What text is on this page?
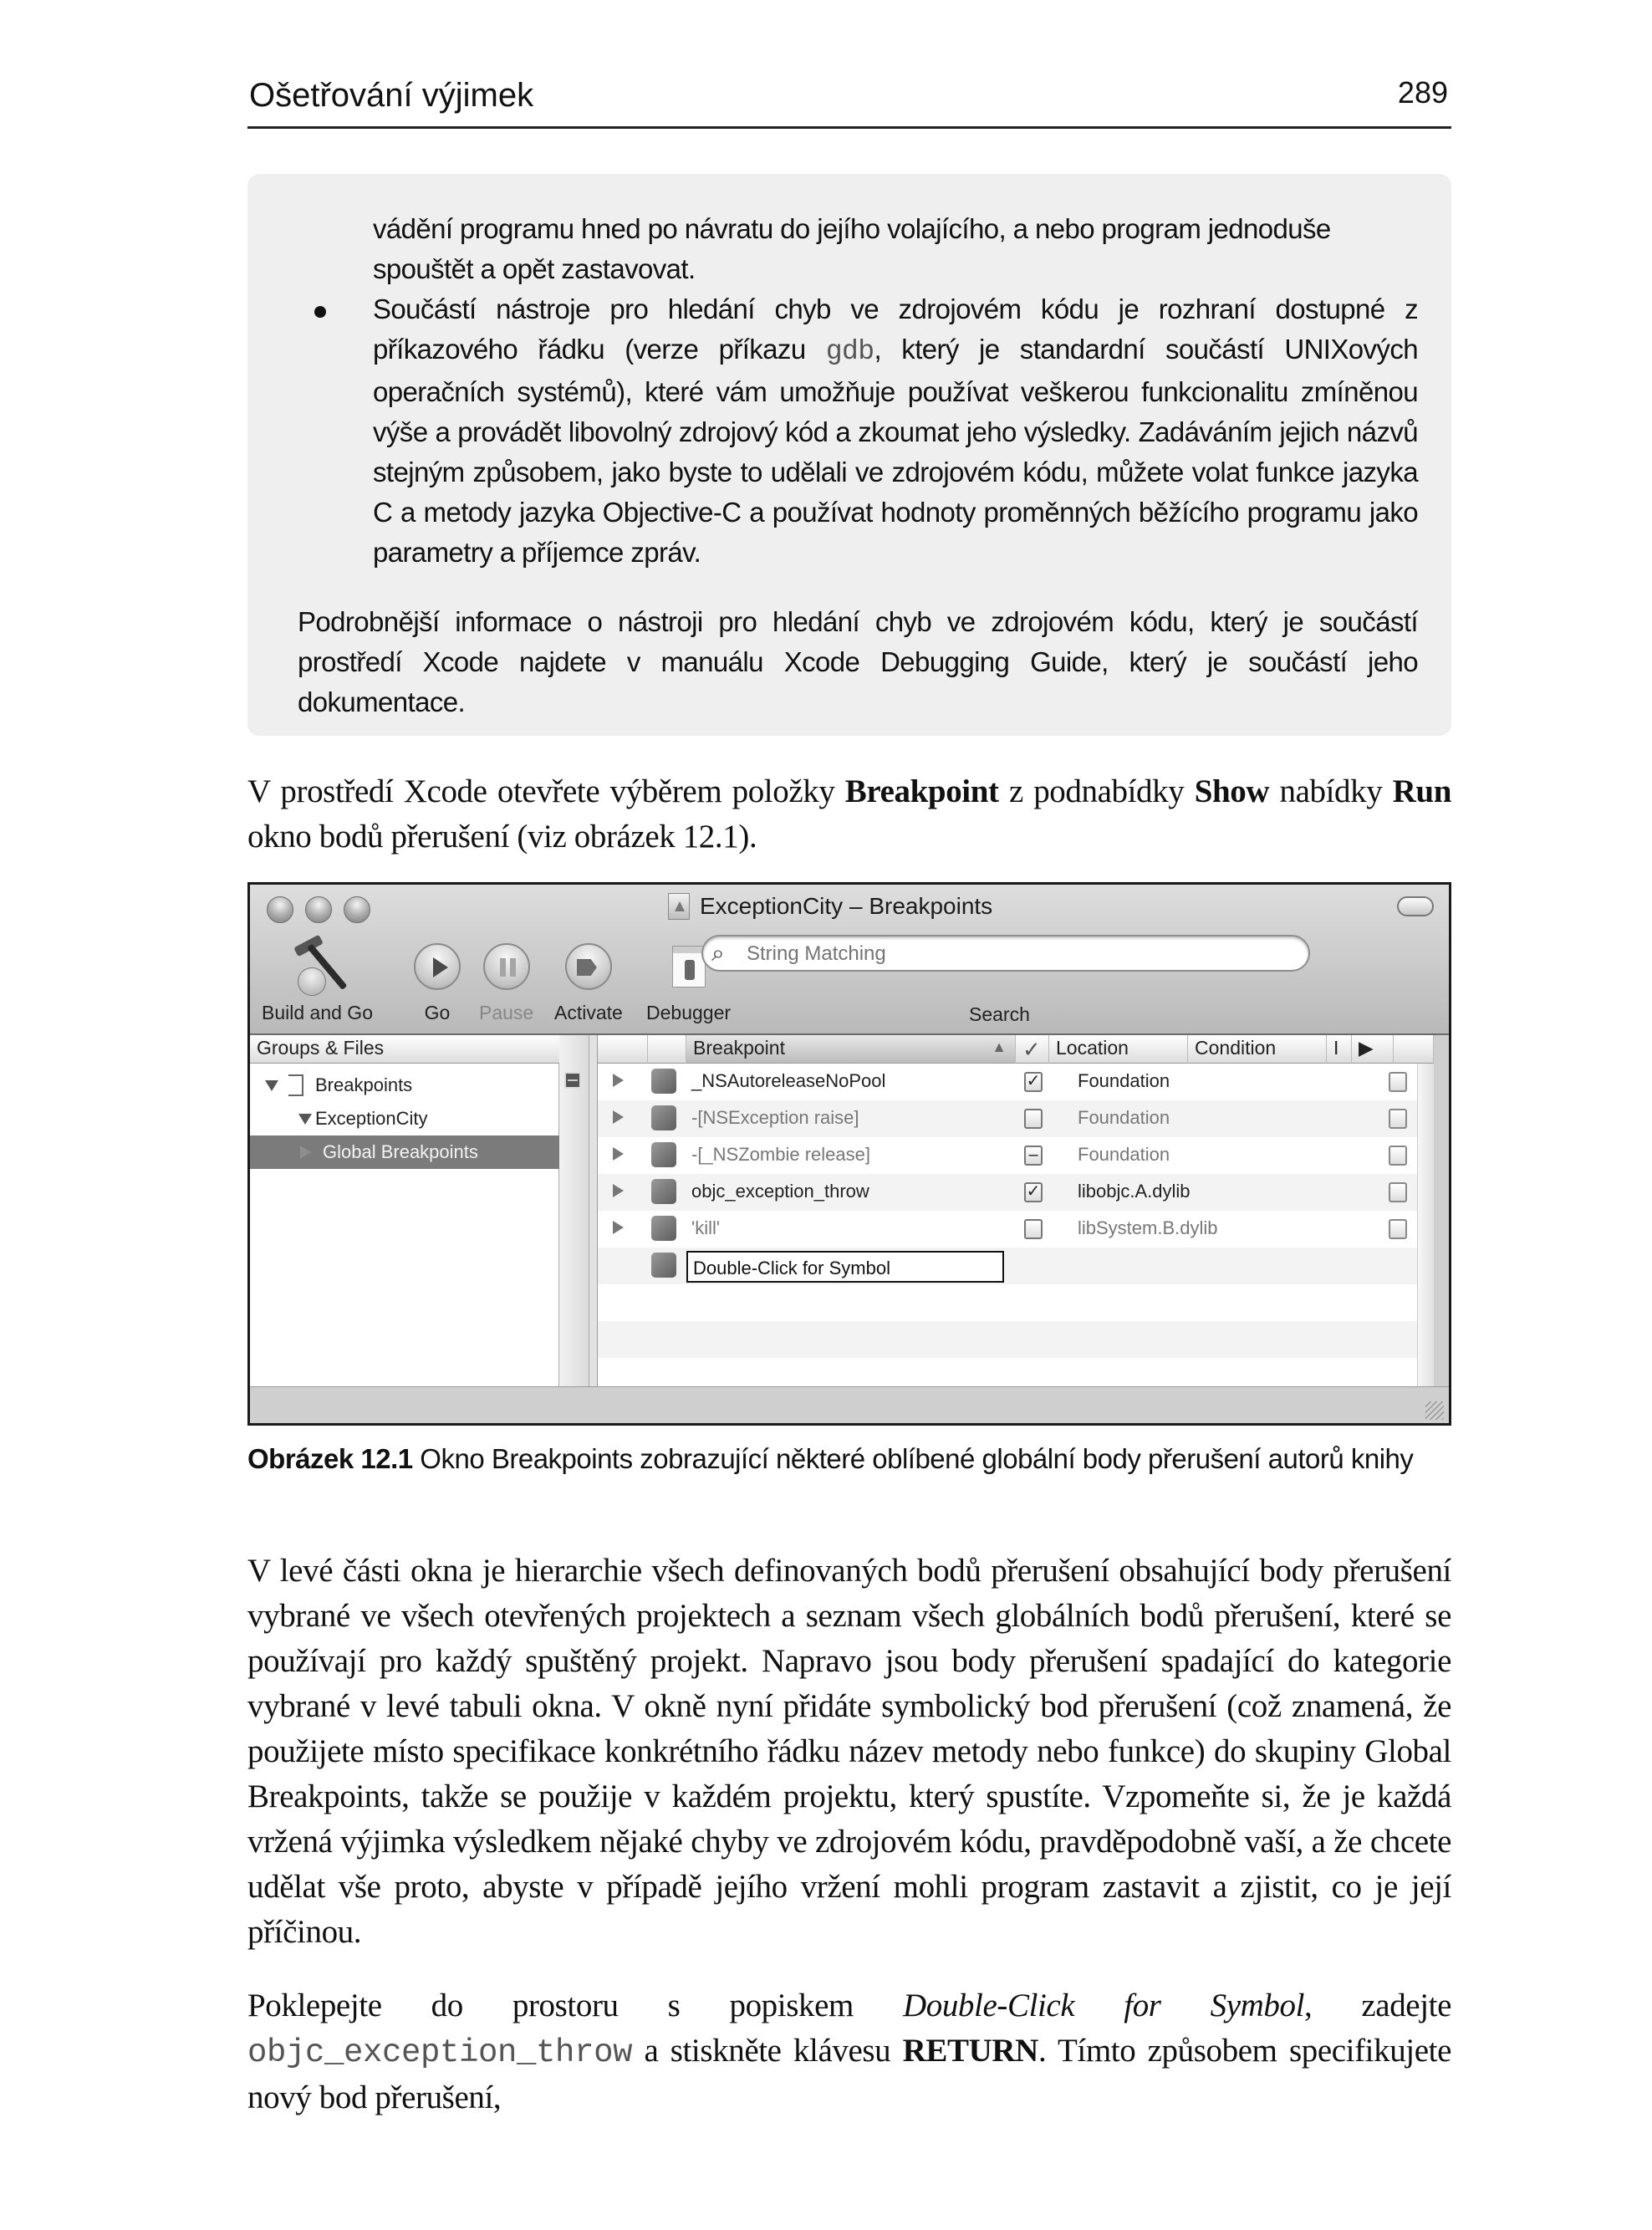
Ošetřování výjimek	289

vádění programu hned po návratu do jejího volajícího, a nebo program jednoduše spouštět a opět zastavovat.

Součástí nástroje pro hledání chyb ve zdrojovém kódu je rozhraní dostupné z příkazového řádku (verze příkazu gdb, který je standardní součástí UNIXových operačních systémů), které vám umožňuje používat veškerou funkcionalitu zmíněnou výše a provádět libovolný zdrojový kód a zkoumat jeho výsledky. Zadáváním jejich názvů stejným způsobem, jako byste to udělali ve zdrojovém kódu, můžete volat funkce jazyka C a metody jazyka Objective-C a používat hodnoty proměnných běžícího programu jako parametry a příjemce zpráv.

Podrobnější informace o nástroji pro hledání chyb ve zdrojovém kódu, který je součástí prostředí Xcode najdete v manuálu Xcode Debugging Guide, který je součástí jeho dokumentace.

V prostředí Xcode otevřete výběrem položky Breakpoint z podnabídky Show nabídky Run okno bodů přerušení (viz obrázek 12.1).

ExceptionCity – Breakpoints
Build and Go	Go Pause Activate Debugger
⌕
String Matching
Search
Groups & Files
Breakpoints
ExceptionCity
Global Breakpoints
Breakpoint	▲ ✓ Location	Condition	I	▶
_NSAutoreleaseNoPool	✓ Foundation
-[NSException raise]	Foundation
-[_NSZombie release]	– Foundation
objc_exception_throw	✓ libobjc.A.dylib
'kill'	libSystem.B.dylib
Double-Click for Symbol

Obrázek 12.1 Okno Breakpoints zobrazující některé oblíbené globální body přerušení autorů knihy

V levé části okna je hierarchie všech definovaných bodů přerušení obsahující body přerušení vybrané ve všech otevřených projektech a seznam všech globálních bodů přerušení, které se používají pro každý spuštěný projekt. Napravo jsou body přerušení spadající do kategorie vybrané v levé tabuli okna. V okně nyní přidáte symbolický bod přerušení (což znamená, že použijete místo specifikace konkrétního řádku název metody nebo funkce) do skupiny Global Breakpoints, takže se použije v každém projektu, který spustíte. Vzpomeňte si, že je každá vržená výjimka výsledkem nějaké chyby ve zdrojovém kódu, pravděpodobně vaší, a že chcete udělat vše proto, abyste v případě jejího vržení mohli program zastavit a zjistit, co je její příčinou.

Poklepejte do prostoru s popiskem Double-Click for Symbol, zadejte objc_exception_throw a stiskněte klávesu RETURN. Tímto způsobem specifikujete nový bod přerušení,
